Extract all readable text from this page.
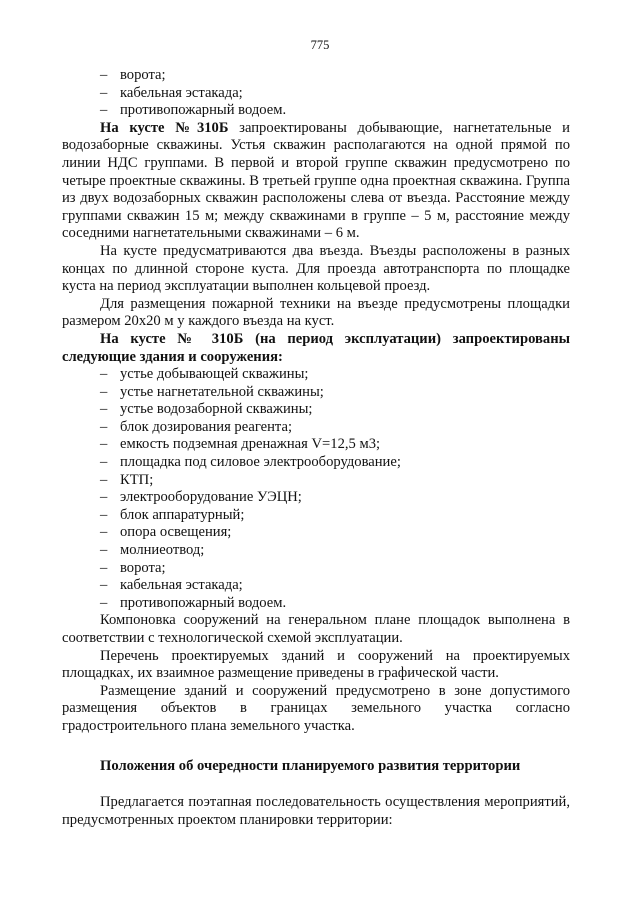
775
– ворота;
– кабельная эстакада;
– противопожарный водоем.

На кусте №310Б запроектированы добывающие, нагнетательные и водозаборные скважины. Устья скважин располагаются на одной прямой по линии НДС группами. В первой и второй группе скважин предусмотрено по четыре проектные скважины. В третьей группе одна проектная скважина. Группа из двух водозаборных скважин расположены слева от въезда. Расстояние между группами скважин 15 м; между скважинами в группе – 5 м, расстояние между соседними нагнетательными скважинами – 6 м.

На кусте предусматриваются два въезда. Въезды расположены в разных концах по длинной стороне куста. Для проезда автотранспорта по площадке куста на период эксплуатации выполнен кольцевой проезд.

Для размещения пожарной техники на въезде предусмотрены площадки размером 20х20 м у каждого въезда на куст.

На кусте № 310Б (на период эксплуатации) запроектированы следующие здания и сооружения:

– устье добывающей скважины;
– устье нагнетательной скважины;
– устье водозаборной скважины;
– блок дозирования реагента;
– емкость подземная дренажная V=12,5 м3;
– площадка под силовое электрооборудование;
– КТП;
– электрооборудование УЭЦН;
– блок аппаратурный;
– опора освещения;
– молниеотвод;
– ворота;
– кабельная эстакада;
– противопожарный водоем.

Компоновка сооружений на генеральном плане площадок выполнена в соответствии с технологической схемой эксплуатации.

Перечень проектируемых зданий и сооружений на проектируемых площадках, их взаимное размещение приведены в графической части.

Размещение зданий и сооружений предусмотрено в зоне допустимого размещения объектов в границах земельного участка согласно градостроительного плана земельного участка.

Положения об очередности планируемого развития территории

Предлагается поэтапная последовательность осуществления мероприятий, предусмотренных проектом планировки территории:
